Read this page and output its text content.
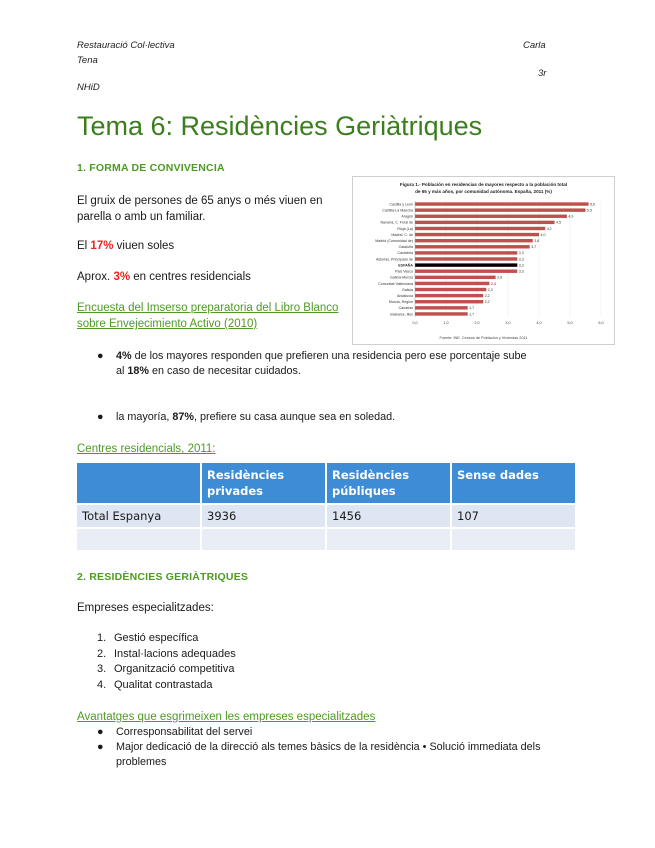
Restauració Col·lectiva
Tena
NHiD
Carla
3r
Tema 6: Residències Geriàtriques
1. FORMA DE CONVIVENCIA
El gruix de persones de 65 anys o més viuen en parella o amb un familiar.
El 17% viuen soles
Aprox. 3% en centres residencials
Encuesta del Imserso preparatoria del Libro Blanco sobre Envejecimiento Activo (2010)
Figura 1.- Población en residencias de mayores respecto a la población total
de 65 y más años, por comunidad autónoma. España, 2011 (%)
0,0	1,0	2,0	3,0	4,0	5,0	6,0
Castilla y León	5,6
Castilla-La Mancha	5,5
Aragón	4,9
Navarra, C. Foral de	4,5
Rioja (La)	4,2
Madrid, C. de	4,0
Madrid (Comunidad de)	3,8
Cataluña	3,7
Cantabria	3,3
Asturias, Principado de	3,3
ESPAÑA	3,3
País Vasco	3,3
Galicia-Murcia	2,6
Comunitat Valenciana	2,4
Galicia	2,3
Andalucía	2,2
Murcia, Región	2,2
Canarias	1,7
Baleares, Illes	1,7
Fuente: INE. Censos de Población y Viviendas 2011
● 4% de los mayores responden que prefieren una residencia pero ese porcentaje sube al 18% en caso de necesitar cuidados.
● la mayoría, 87%, prefiere su casa aunque sea en soledad.
Centres residencials, 2011:
	Residències privades	Residències públiques	Sense dades
Total Espanya	3936	1456	107

2. RESIDÈNCIES GERIÀTRIQUES
Empreses especialitzades:
1. Gestió específica
2. Instal·lacions adequades
3. Organització competitiva
4. Qualitat contrastada
Avantatges que esgrimeixen les empreses especialitzades
● Corresponsabilitat del servei
● Major dedicació de la direcció als temes bàsics de la residència • Solució immediata dels problemes
